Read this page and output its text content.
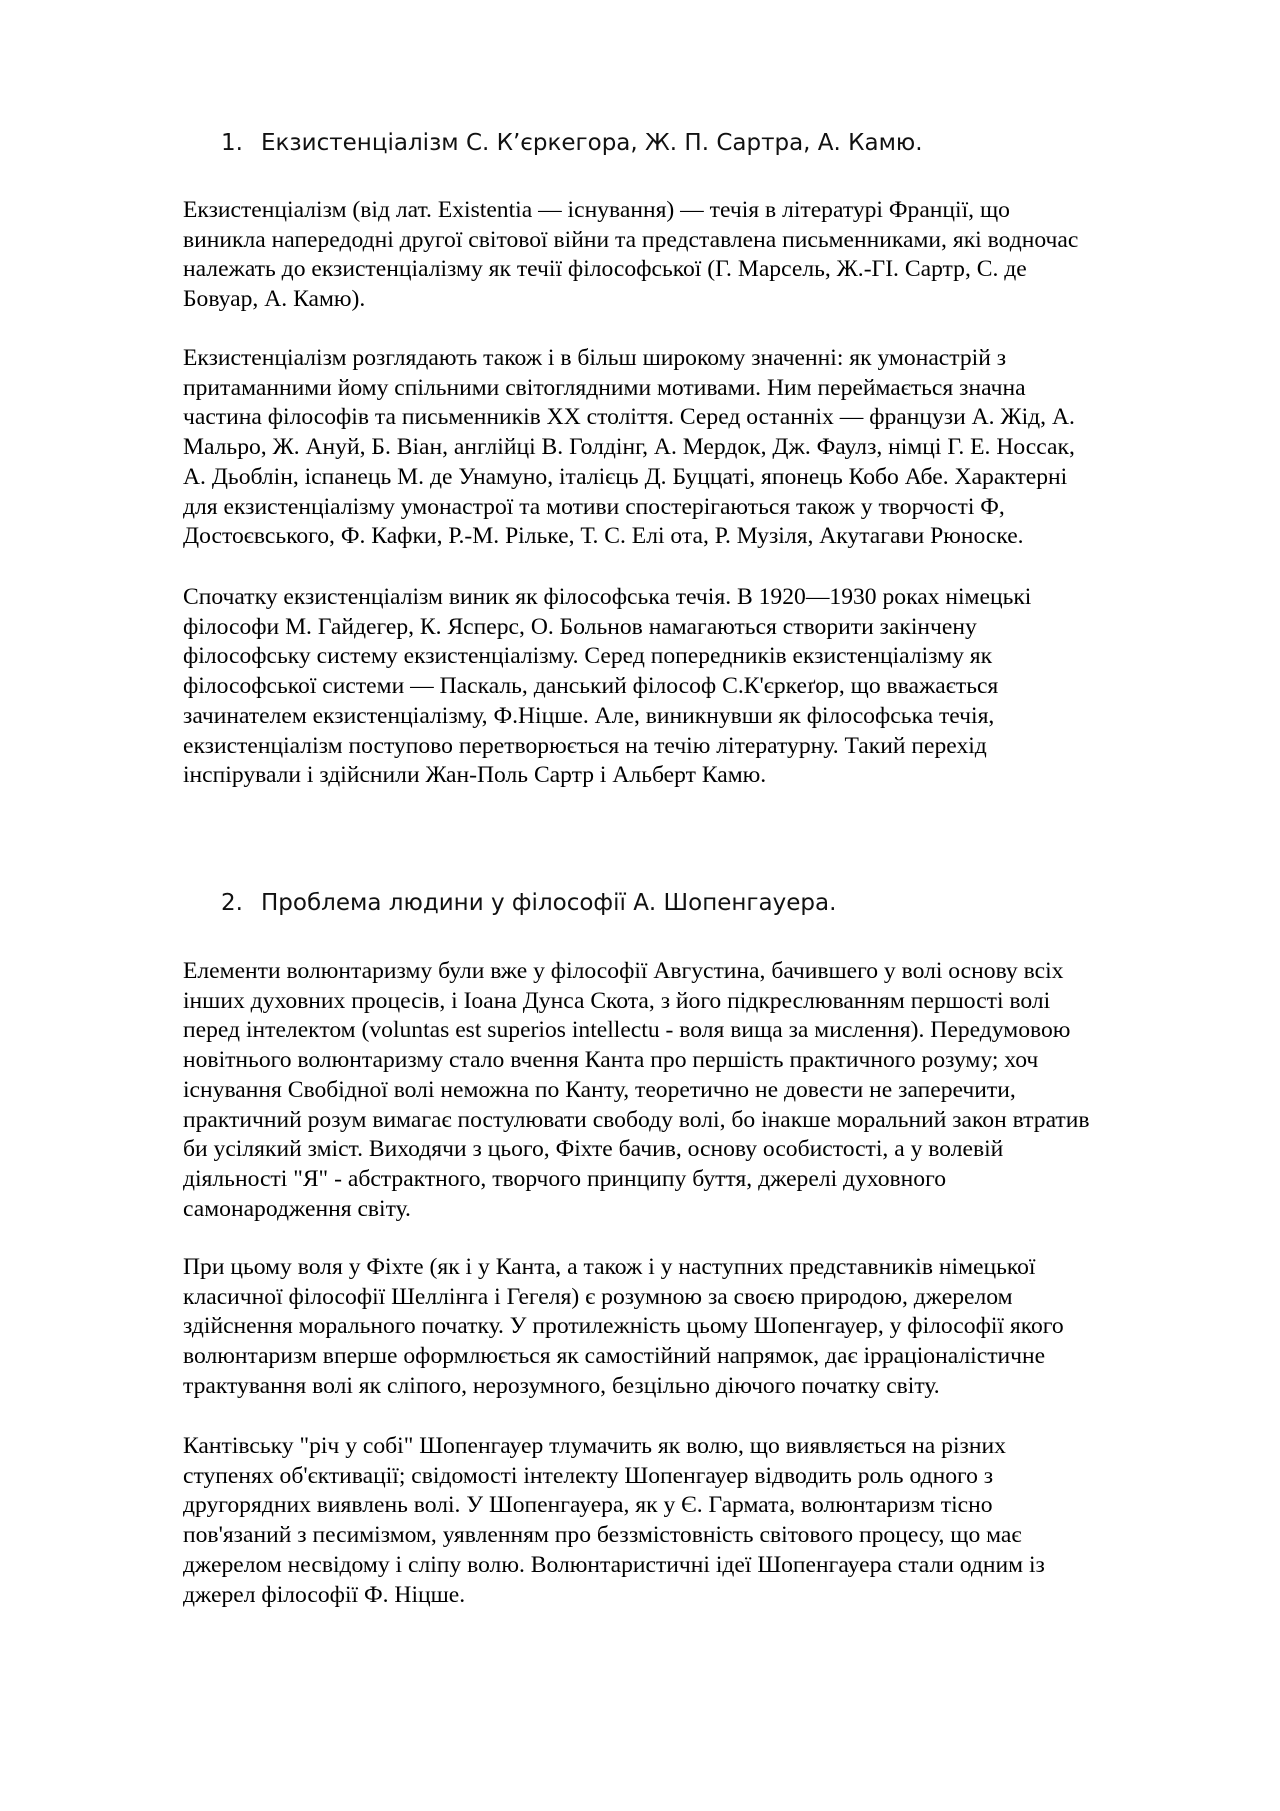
1. Екзистенціалізм С. К’єркегора, Ж. П. Сартра, А. Камю.

Екзистенціалізм (від лат. Existentia — існування) — течія в літературі Франції, що
виникла напередодні другої світової війни та представлена письменниками, які водночас
належать до екзистенціалізму як течії філософської (Г. Марсель, Ж.-ГІ. Сартр, С. де
Бовуар, А. Камю).

Екзистенціалізм розглядають також і в більш широкому значенні: як умонастрій з
притаманними йому спільними світоглядними мотивами. Ним переймається значна
частина філософів та письменників XX століття. Серед останніх — французи А. Жід, А.
Мальро, Ж. Ануй, Б. Віан, англійці В. Голдінг, А. Мердок, Дж. Фаулз, німці Г. Е. Носсак,
А. Дьоблін, іспанець М. де Унамуно, італієць Д. Буццаті, японець Кобо Абе. Характерні
для екзистенціалізму умонастрої та мотиви спостерігаються також у творчості Ф,
Достоєвського, Ф. Кафки, Р.-М. Рільке, Т. С. Елі ота, Р. Музіля, Акутагави Рюноске.

Спочатку екзистенціалізм виник як філософська течія. В 1920—1930 роках німецькі
філософи М. Гайдегер, К. Ясперс, О. Больнов намагаються створити закінчену
філософську систему екзистенціалізму. Серед попередників екзистенціалізму як
філософської системи — Паскаль, данський філософ С.К'єркеґор, що вважається
зачинателем екзистенціалізму, Ф.Ніцше. Але, виникнувши як філософська течія,
екзистенціалізм поступово перетворюється на течію літературну. Такий перехід
інспірували і здійснили Жан-Поль Сартр і Альберт Камю.

2. Проблема людини у філософії А. Шопенгауера.

Елементи волюнтаризму були вже у філософії Августина, бачившего у волі основу всіх
інших духовних процесів, і Іоана Дунса Скота, з його підкреслюванням першості волі
перед інтелектом (voluntas est superios intellectu - воля вища за мислення). Передумовою
новітнього волюнтаризму стало вчення Канта про першість практичного розуму; хоч
існування Свобідної волі неможна по Канту, теоретично не довести не заперечити,
практичний розум вимагає постулювати свободу волі, бо інакше моральний закон втратив
би усілякий зміст. Виходячи з цього, Фіхте бачив, основу особистості, а у волевій
діяльності "Я" - абстрактного, творчого принципу буття, джерелі духовного
самонародження світу.

При цьому воля у Фіхте (як і у Канта, а також і у наступних представників німецької
класичної філософії Шеллінга і Гегеля) є розумною за своєю природою, джерелом
здійснення морального початку. У протилежність цьому Шопенгауер, у філософії якого
волюнтаризм вперше оформлюється як самостійний напрямок, дає ірраціоналістичне
трактування волі як сліпого, нерозумного, безцільно діючого початку світу.

Кантівську "річ у собі" Шопенгауер тлумачить як волю, що виявляється на різних
ступенях об'єктивації; свідомості інтелекту Шопенгауер відводить роль одного з
другорядних виявлень волі. У Шопенгауера, як у Є. Гармата, волюнтаризм тісно
пов'язаний з песимізмом, уявленням про беззмістовність світового процесу, що має
джерелом несвідому і сліпу волю. Волюнтаристичні ідеї Шопенгауера стали одним із
джерел філософії Ф. Ніцше.
